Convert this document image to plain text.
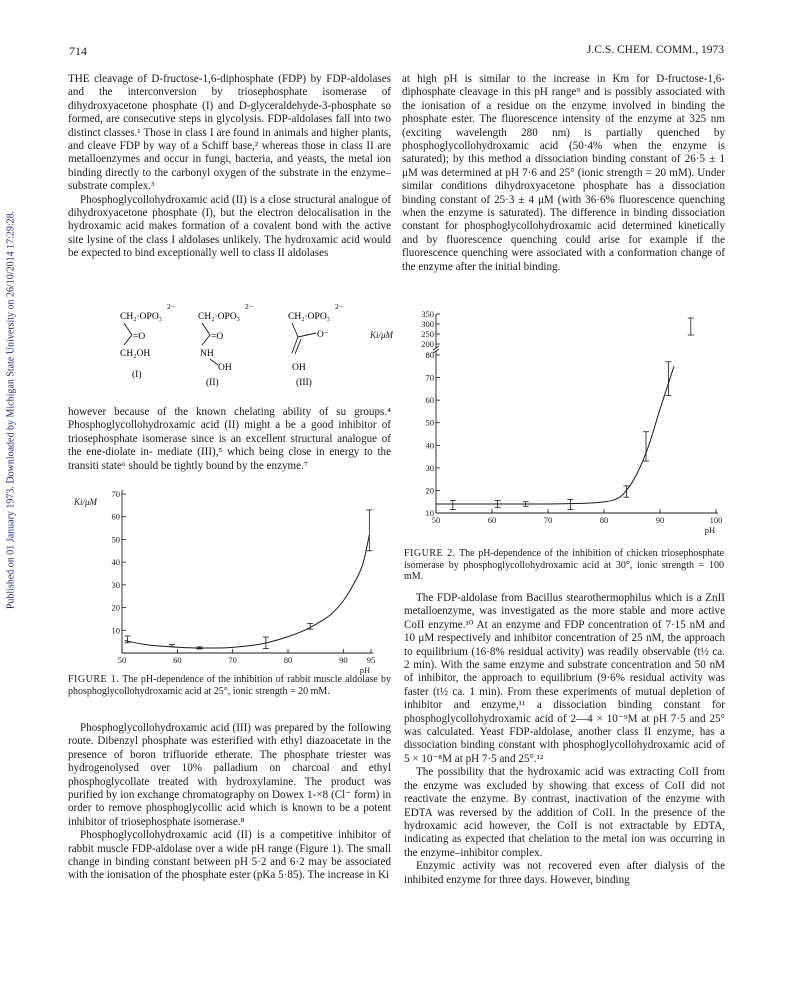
Published on 01 January 1973. Downloaded by Michigan State University on 26/10/2014 17:29:28.
714	J.C.S. CHEM. COMM., 1973

THE cleavage of D-fructose-1,6-diphosphate (FDP) by FDP-aldolases and the interconversion by triosephosphate isomerase of dihydroxyacetone phosphate (I) and D-glyceraldehyde-3-phosphate so formed, are consecutive steps in glycolysis. FDP-aldolases fall into two distinct classes.¹ Those in class I are found in animals and higher plants, and cleave FDP by way of a Schiff base,² whereas those in class II are metalloenzymes and occur in fungi, bacteria, and yeasts, the metal ion binding directly to the carbonyl oxygen of the substrate in the enzyme–substrate complex.³

Phosphoglycollohydroxamic acid (II) is a close structural analogue of dihydroxyacetone phosphate (I), but the electron delocalisation in the hydroxamic acid makes formation of a covalent bond with the active site lysine of the class I aldolases unlikely. The hydroxamic acid would be expected to bind exceptionally well to class II aldolases

CH₂·OPO₃
2−
=O
CH₂OH
(I)
CH₂·OPO₃
2−
=O
NH
OH
(II)
CH₂·OPO₃
2−
O⁻
OH
(III)

however because of the known chelating ability of su groups.⁴ Phosphoglycollohydroxamic acid (II) might a be a good inhibitor of triosephosphate isomerase since is an excellent structural analogue of the ene-diolate in- mediate (III),⁵ which being close in energy to the transiti state⁶ should be tightly bound by the enzyme.⁷

10
20
30
40
50
60
70
50	60	70	80	90 95
Ki/μM
pH
FIGURE 1. The pH-dependence of the inhibition of rabbit muscle aldolase by phosphoglycollohydroxamic acid at 25°, ionic strength = 20 mM.

Phosphoglycollohydroxamic acid (III) was prepared by the following route. Dibenzyl phosphate was esterified with ethyl diazoacetate in the presence of boron trifluoride etherate. The phosphate triester was hydrogenolysed over 10% palladium on charcoal and ethyl phosphoglycollate treated with hydroxylamine. The product was purified by ion exchange chromatography on Dowex 1-×8 (Cl⁻ form) in order to remove phosphoglycollic acid which is known to be a potent inhibitor of triosephosphate isomerase.⁸

Phosphoglycollohydroxamic acid (II) is a competitive inhibitor of rabbit muscle FDP-aldolase over a wide pH range (Figure 1). The small change in binding constant between pH 5·2 and 6·2 may be associated with the ionisation of the phosphate ester (pKa 5·85). The increase in Ki

at high pH is similar to the increase in Km for D-fructose-1,6-diphosphate cleavage in this pH range⁹ and is possibly associated with the ionisation of a residue on the enzyme involved in binding the phosphate ester. The fluorescence intensity of the enzyme at 325 nm (exciting wavelength 280 nm) is partially quenched by phosphoglycollohydroxamic acid (50·4% when the enzyme is saturated); by this method a dissociation binding constant of 26·5 ± 1 μM was determined at pH 7·6 and 25° (ionic strength = 20 mM). Under similar conditions dihydroxyacetone phosphate has a dissociation binding constant of 25·3 ± 4 μM (with 36·6% fluorescence quenching when the enzyme is saturated). The difference in binding dissociation constant for phosphoglycollohydroxamic acid determined kinetically and by fluorescence quenching could arise for example if the fluorescence quenching were associated with a conformation change of the enzyme after the initial binding.

10
20
30
40
50
60
70
80
50	60	70	80	90	100
Ki/μM
pH
200
250
300
350
FIGURE 2. The pH-dependence of the inhibition of chicken triosephosphate isomerase by phosphoglycollohydroxamic acid at 30°, ionic strength = 100 mM.

The FDP-aldolase from Bacillus stearothermophilus which is a ZnII metalloenzyme, was investigated as the more stable and more active CoII enzyme.¹⁰ At an enzyme and FDP concentration of 7·15 nM and 10 μM respectively and inhibitor concentration of 25 nM, the approach to equilibrium (16·8% residual activity) was readily observable (t½ ca. 2 min). With the same enzyme and substrate concentration and 50 nM of inhibitor, the approach to equilibrium (9·6% residual activity was faster (t½ ca. 1 min). From these experiments of mutual depletion of inhibitor and enzyme,¹¹ a dissociation binding constant for phosphoglycollohydroxamic acid of 2—4 × 10⁻⁹M at pH 7·5 and 25° was calculated. Yeast FDP-aldolase, another class II enzyme, has a dissociation binding constant with phosphoglycollohydroxamic acid of 5 × 10⁻⁸M at pH 7·5 and 25°.¹²

The possibility that the hydroxamic acid was extracting CoII from the enzyme was excluded by showing that excess of CoII did not reactivate the enzyme. By contrast, inactivation of the enzyme with EDTA was reversed by the addition of CoII. In the presence of the hydroxamic acid however, the CoII is not extractable by EDTA, indicating as expected that chelation to the metal ion was occurring in the enzyme–inhibitor complex.

Enzymic activity was not recovered even after dialysis of the inhibited enzyme for three days. However, binding
